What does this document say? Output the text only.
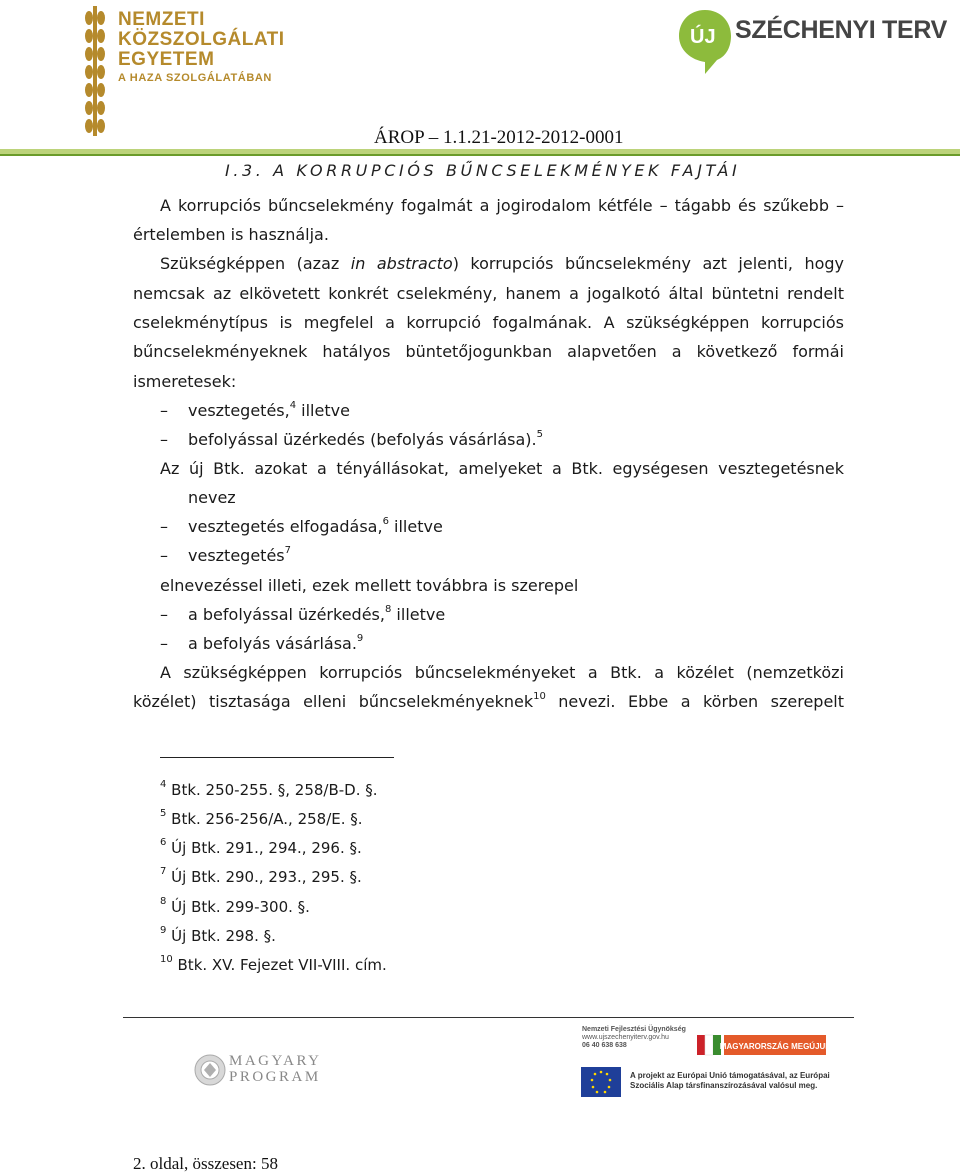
NEMZETI
KÖZSZOLGÁLATI
EGYETEM
A HAZA SZOLGÁLATÁBAN
ÚJ SZÉCHENYI TERV
ÁROP – 1.1.21-2012-2012-0001
I.3. A KORRUPCIÓS BŰNCSELEKMÉNYEK FAJTÁI
A korrupciós bűncselekmény fogalmát a jogirodalom kétféle – tágabb és szűkebb –
értelemben is használja.
Szükségképpen (azaz in abstracto) korrupciós bűncselekmény azt jelenti, hogy
nemcsak az elkövetett konkrét cselekmény, hanem a jogalkotó által büntetni rendelt
cselekménytípus is megfelel a korrupció fogalmának. A szükségképpen korrupciós
bűncselekményeknek hatályos büntetőjogunkban alapvetően a következő formái
ismeretesek:
– vesztegetés,$^4$ illetve
– befolyással üzérkedés (befolyás vásárlása).$^5$
Az új Btk. azokat a tényállásokat, amelyeket a Btk. egységesen vesztegetésnek
nevez
– vesztegetés elfogadása,$^6$ illetve
– vesztegetés$^7$
elnevezéssel illeti, ezek mellett továbbra is szerepel
– a befolyással üzérkedés,$^8$ illetve
– a befolyás vásárlása.$^9$
A szükségképpen korrupciós bűncselekményeket a Btk. a közélet (nemzetközi
közélet) tisztasága elleni bűncselekményeknek$^{10}$ nevezi. Ebbe a körben szerepelt
$^4$ Btk. 250-255. §, 258/B-D. §.
$^5$ Btk. 256-256/A., 258/E. §.
$^6$ Új Btk. 291., 294., 296. §.
$^7$ Új Btk. 290., 293., 295. §.
$^8$ Új Btk. 299-300. §.
$^9$ Új Btk. 298. §.
$^{10}$ Btk. XV. Fejezet VII-VIII. cím.
MAGYARY
PROGRAM
MAGYARORSZÁG MEGÚJUL
Nemzeti Fejlesztési Ügynökség
www.ujszechenyiterv.gov.hu
06 40 638 638
A projekt az Európai Unió támogatásával, az Európai
Szociális Alap társfinanszírozásával valósul meg.
2. oldal, összesen: 58
